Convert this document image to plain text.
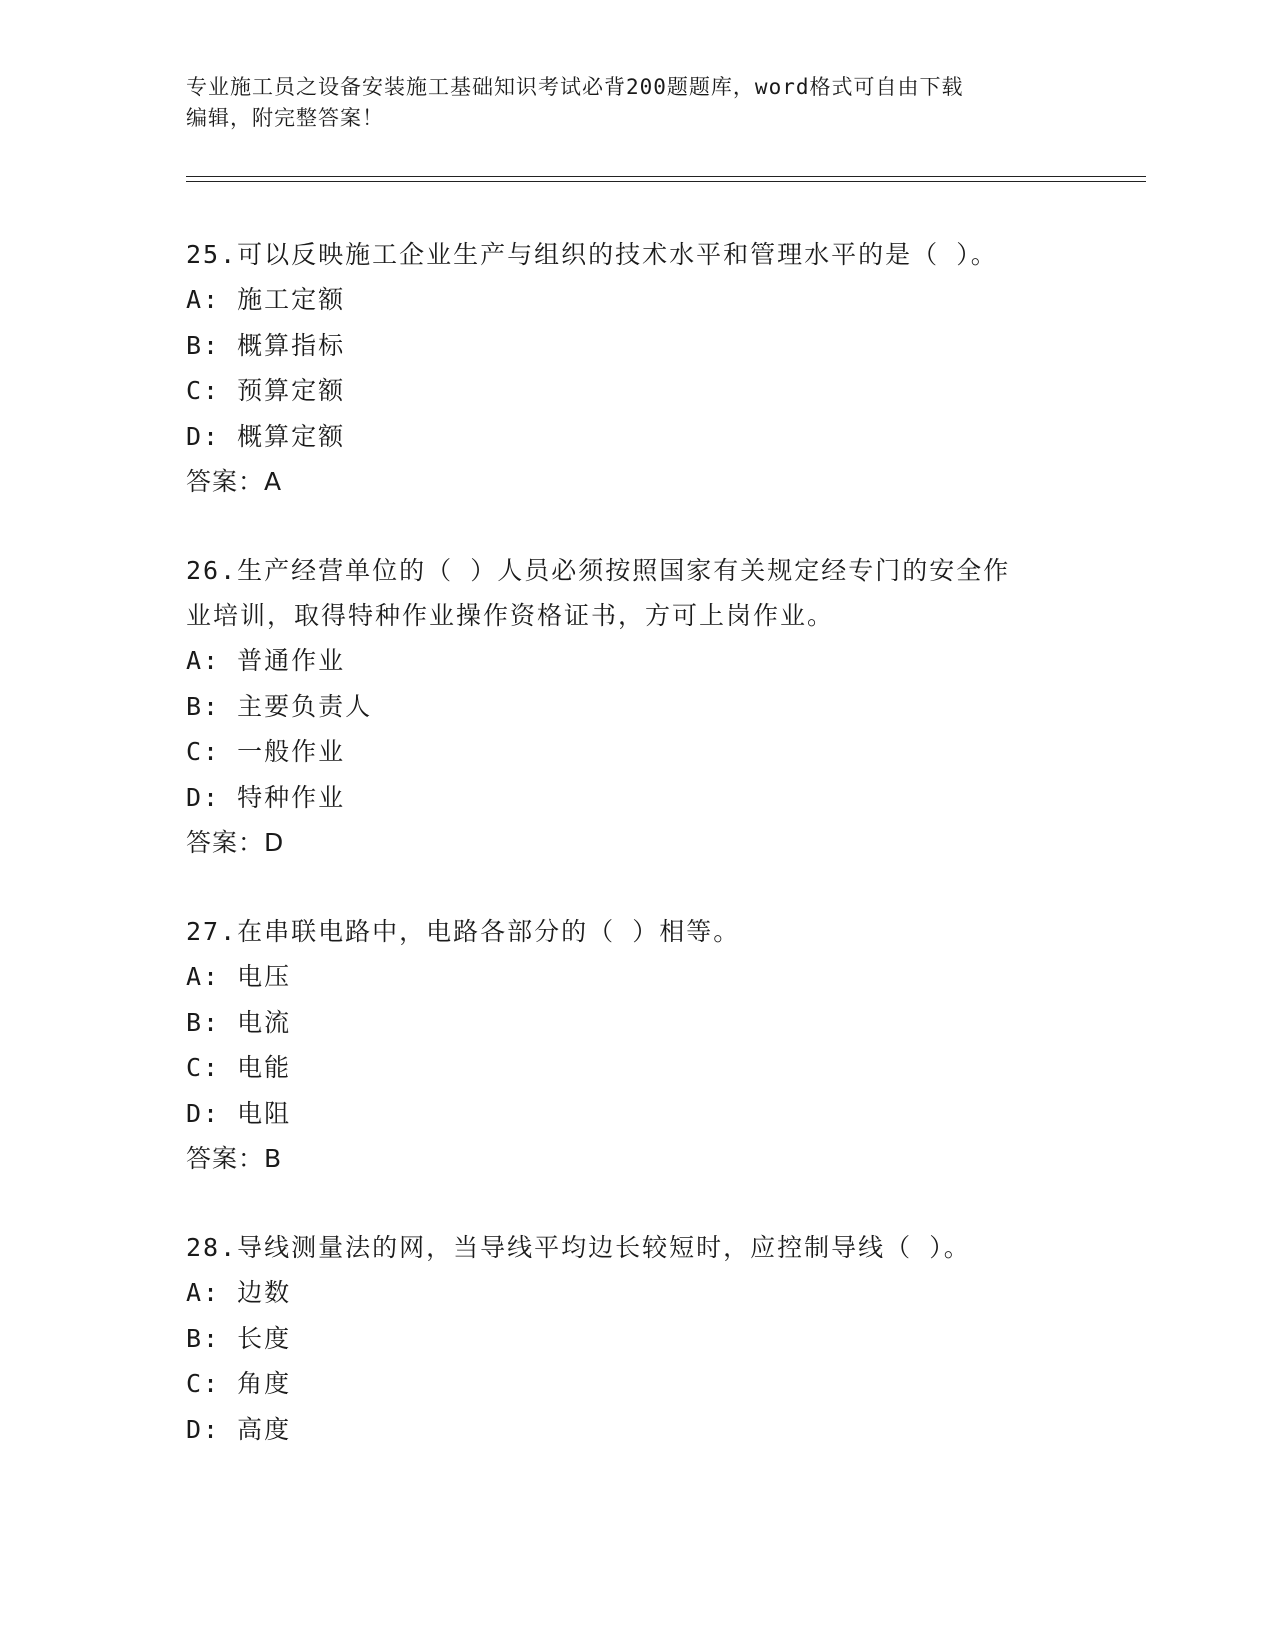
专业施工员之设备安装施工基础知识考试必背200题题库，word格式可自由下载
编辑，附完整答案！
25.可以反映施工企业生产与组织的技术水平和管理水平的是（ ）。
A: 施工定额
B: 概算指标
C: 预算定额
D: 概算定额
答案：A
26.生产经营单位的（ ）人员必须按照国家有关规定经专门的安全作
业培训，取得特种作业操作资格证书，方可上岗作业。
A: 普通作业
B: 主要负责人
C: 一般作业
D: 特种作业
答案：D
27.在串联电路中，电路各部分的（ ）相等。
A: 电压
B: 电流
C: 电能
D: 电阻
答案：B
28.导线测量法的网，当导线平均边长较短时，应控制导线（ ）。
A: 边数
B: 长度
C: 角度
D: 高度
